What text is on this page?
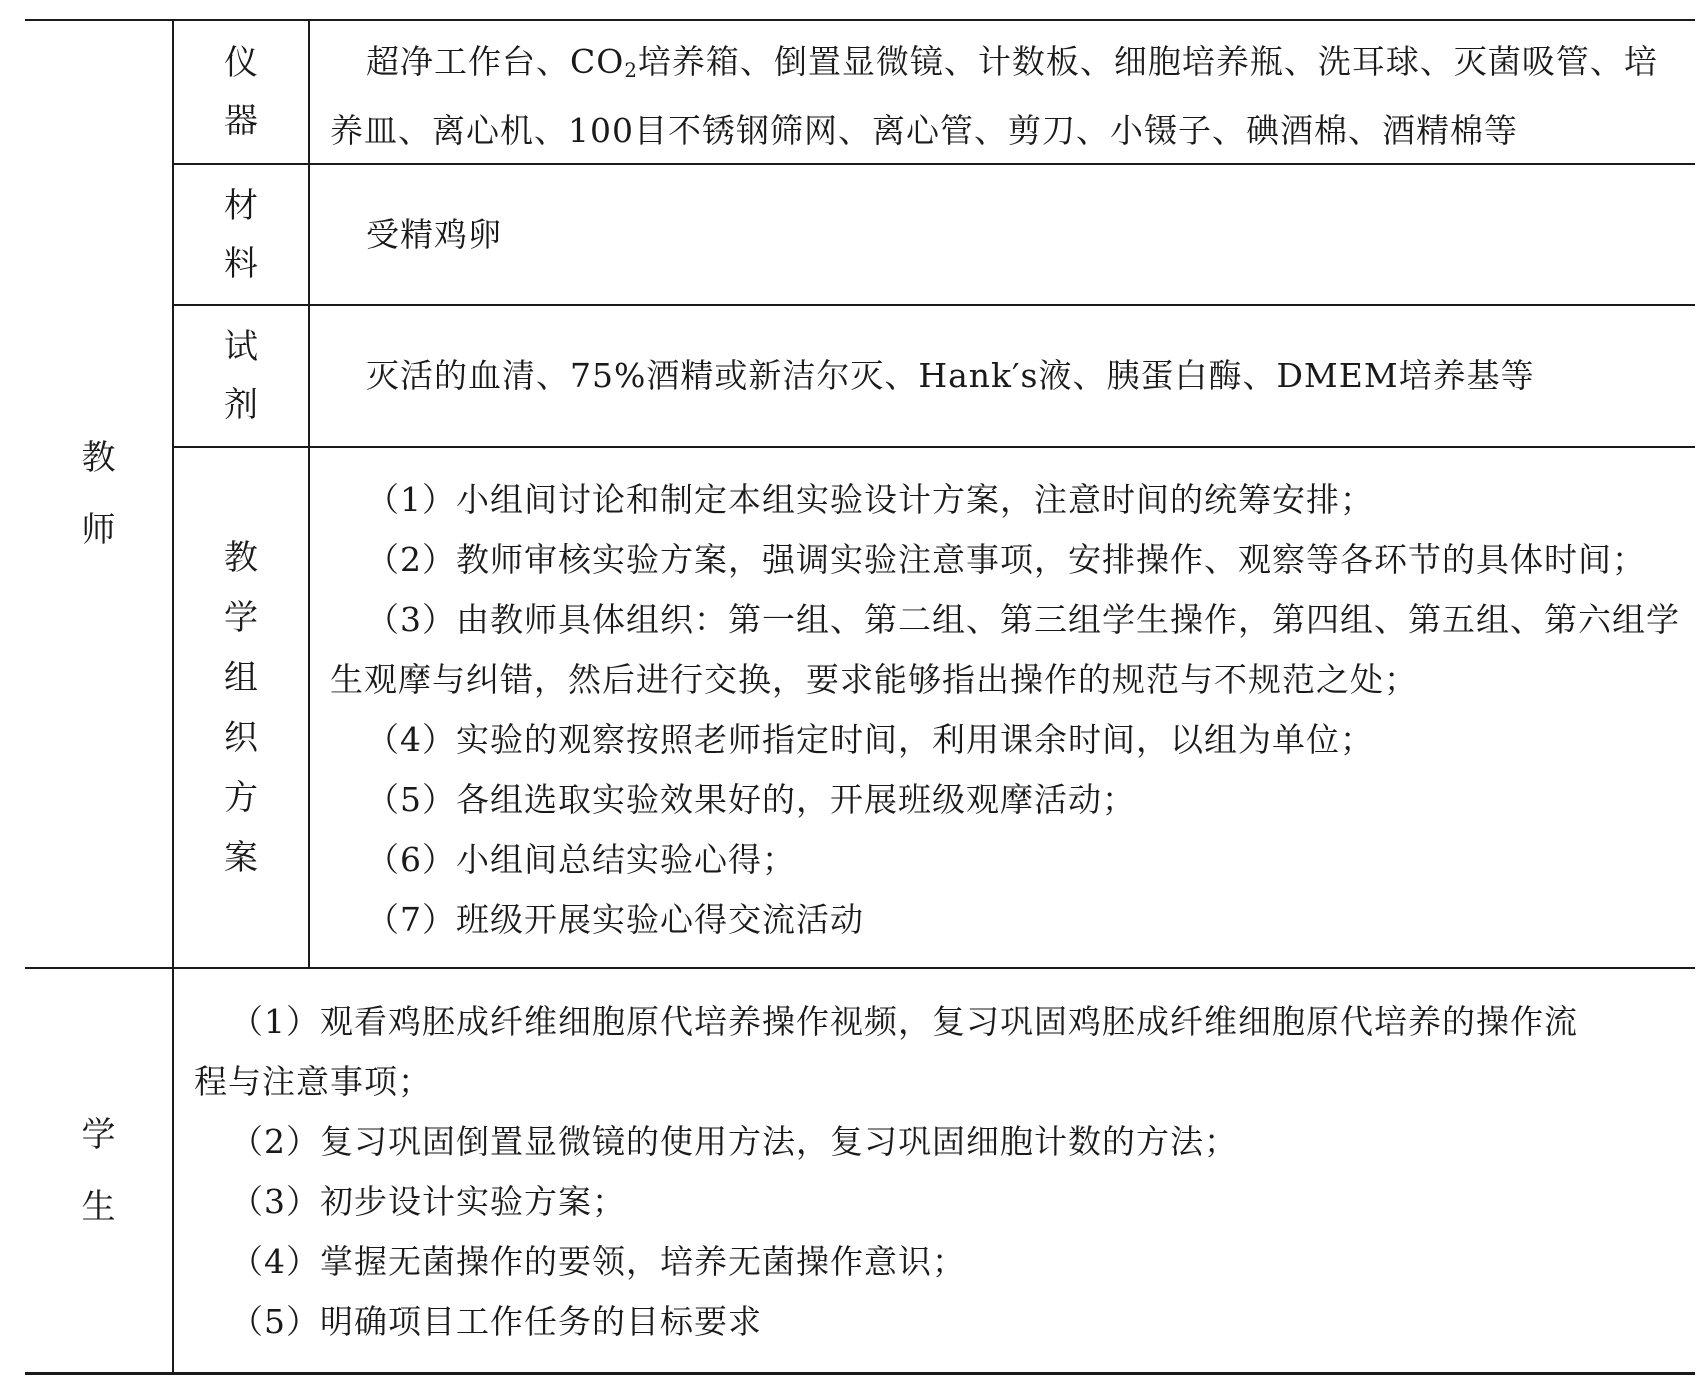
教
师
仪
器

超净工作台、$CO_2$培养箱、倒置显微镜、计数板、细胞培养瓶、洗耳球、灭菌吸管、培

养皿、离心机、100目不锈钢筛网、离心管、剪刀、小镊子、碘酒棉、酒精棉等

材
料

受精鸡卵

试
剂

灭活的血清、75%酒精或新洁尔灭、Hank′s液、胰蛋白酶、DMEM培养基等

教
学
组
织
方
案

（1）小组间讨论和制定本组实验设计方案，注意时间的统筹安排；

（2）教师审核实验方案，强调实验注意事项，安排操作、观察等各环节的具体时间；

（3）由教师具体组织：第一组、第二组、第三组学生操作，第四组、第五组、第六组学

生观摩与纠错，然后进行交换，要求能够指出操作的规范与不规范之处；

（4）实验的观察按照老师指定时间，利用课余时间，以组为单位；

（5）各组选取实验效果好的，开展班级观摩活动；

（6）小组间总结实验心得；

（7）班级开展实验心得交流活动

学
生

（1）观看鸡胚成纤维细胞原代培养操作视频，复习巩固鸡胚成纤维细胞原代培养的操作流

程与注意事项；

（2）复习巩固倒置显微镜的使用方法，复习巩固细胞计数的方法；

（3）初步设计实验方案；

（4）掌握无菌操作的要领，培养无菌操作意识；

（5）明确项目工作任务的目标要求
